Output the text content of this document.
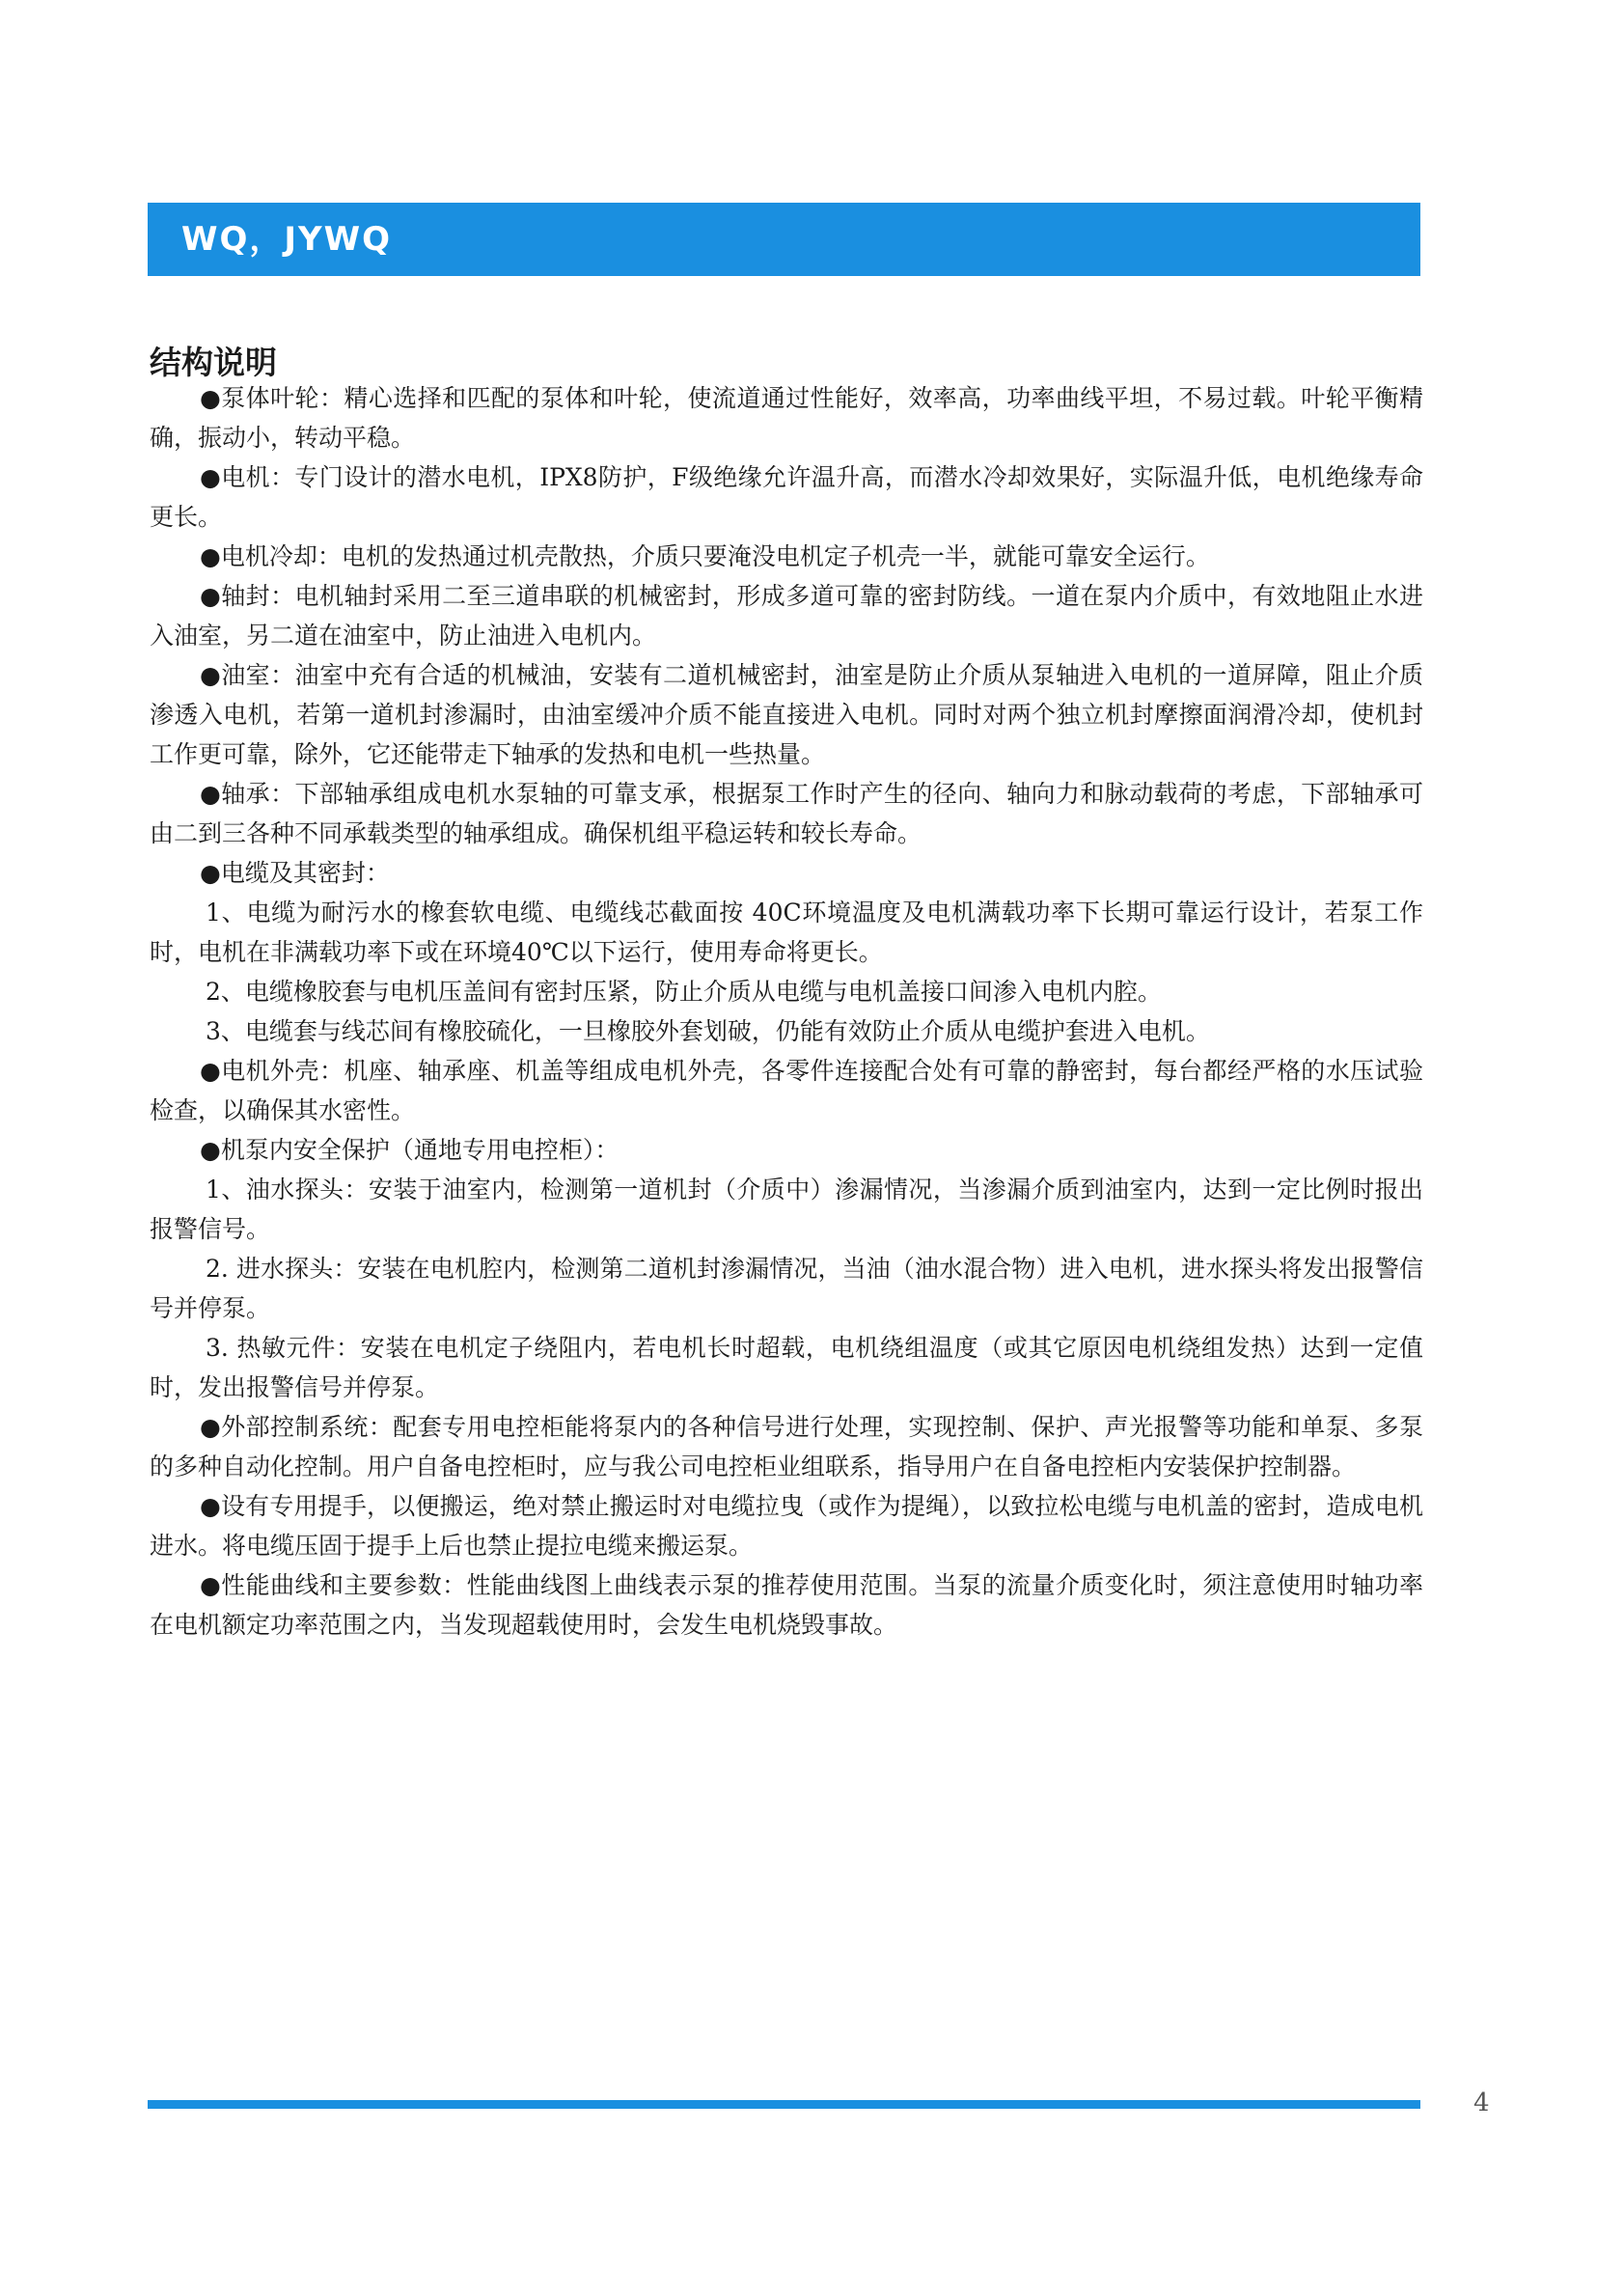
WQ，JYWQ
结构说明

●泵体叶轮：精心选择和匹配的泵体和叶轮，使流道通过性能好，效率高，功率曲线平坦，不易过载。叶轮平衡精确，振动小，转动平稳。

●电机：专门设计的潜水电机，IPX8防护，F级绝缘允许温升高，而潜水冷却效果好，实际温升低，电机绝缘寿命更长。

●电机冷却：电机的发热通过机壳散热，介质只要淹没电机定子机壳一半，就能可靠安全运行。

●轴封：电机轴封采用二至三道串联的机械密封，形成多道可靠的密封防线。一道在泵内介质中，有效地阻止水进入油室，另二道在油室中，防止油进入电机内。

●油室：油室中充有合适的机械油，安装有二道机械密封，油室是防止介质从泵轴进入电机的一道屏障，阻止介质渗透入电机，若第一道机封渗漏时，由油室缓冲介质不能直接进入电机。同时对两个独立机封摩擦面润滑冷却，使机封工作更可靠，除外，它还能带走下轴承的发热和电机一些热量。

●轴承：下部轴承组成电机水泵轴的可靠支承，根据泵工作时产生的径向、轴向力和脉动载荷的考虑，下部轴承可由二到三各种不同承载类型的轴承组成。确保机组平稳运转和较长寿命。

●电缆及其密封：

1、电缆为耐污水的橡套软电缆、电缆线芯截面按 40C环境温度及电机满载功率下长期可靠运行设计，若泵工作时，电机在非满载功率下或在环境40℃以下运行，使用寿命将更长。

2、电缆橡胶套与电机压盖间有密封压紧，防止介质从电缆与电机盖接口间渗入电机内腔。

3、电缆套与线芯间有橡胶硫化，一旦橡胶外套划破，仍能有效防止介质从电缆护套进入电机。

●电机外壳：机座、轴承座、机盖等组成电机外壳，各零件连接配合处有可靠的静密封，每台都经严格的水压试验检查，以确保其水密性。

●机泵内安全保护（通地专用电控柜）：

1、油水探头：安装于油室内，检测第一道机封（介质中）渗漏情况，当渗漏介质到油室内，达到一定比例时报出报警信号。

2. 进水探头：安装在电机腔内，检测第二道机封渗漏情况，当油（油水混合物）进入电机，进水探头将发出报警信号并停泵。

3. 热敏元件：安装在电机定子绕阻内，若电机长时超载，电机绕组温度（或其它原因电机绕组发热）达到一定值时，发出报警信号并停泵。

●外部控制系统：配套专用电控柜能将泵内的各种信号进行处理，实现控制、保护、声光报警等功能和单泵、多泵的多种自动化控制。用户自备电控柜时，应与我公司电控柜业组联系，指导用户在自备电控柜内安装保护控制器。

●设有专用提手，以便搬运，绝对禁止搬运时对电缆拉曳（或作为提绳），以致拉松电缆与电机盖的密封，造成电机进水。将电缆压固于提手上后也禁止提拉电缆来搬运泵。

●性能曲线和主要参数：性能曲线图上曲线表示泵的推荐使用范围。当泵的流量介质变化时，须注意使用时轴功率在电机额定功率范围之内，当发现超载使用时，会发生电机烧毁事故。

4
